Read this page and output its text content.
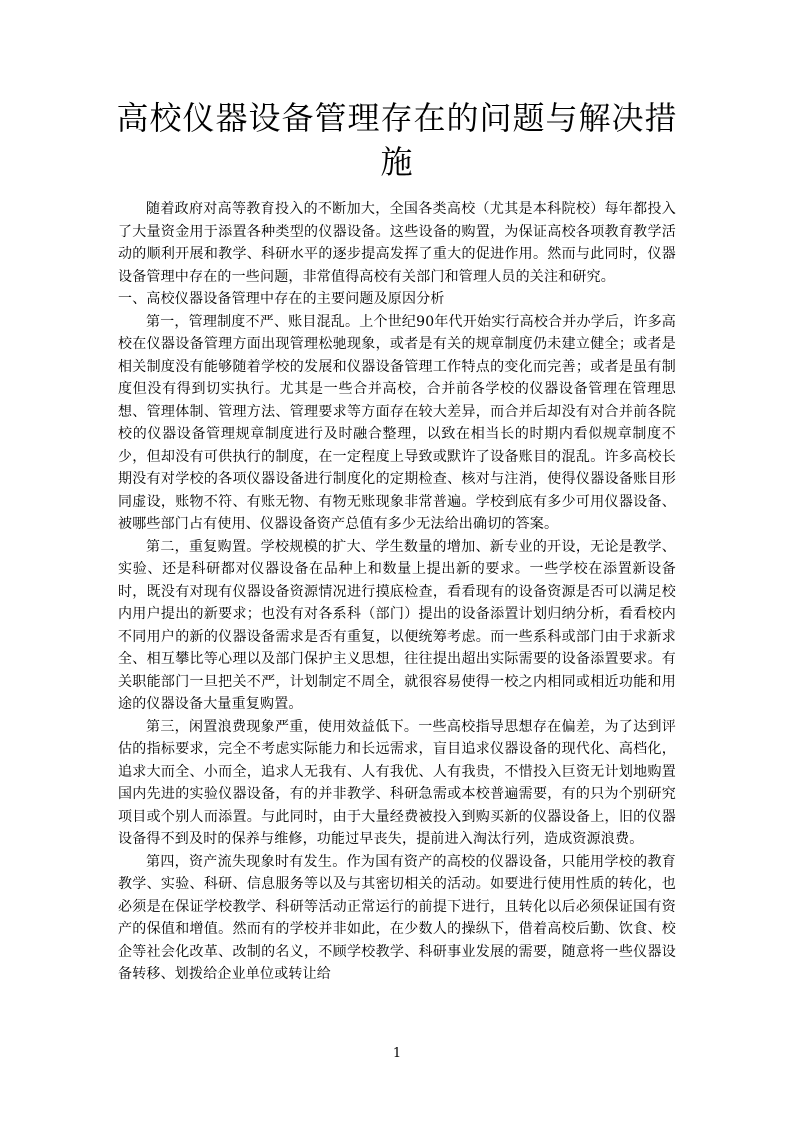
高校仪器设备管理存在的问题与解决措施

随着政府对高等教育投入的不断加大，全国各类高校（尤其是本科院校）每年都投入了大量资金用于添置各种类型的仪器设备。这些设备的购置，为保证高校各项教育教学活动的顺利开展和教学、科研水平的逐步提高发挥了重大的促进作用。然而与此同时，仪器设备管理中存在的一些问题，非常值得高校有关部门和管理人员的关注和研究。

一、高校仪器设备管理中存在的主要问题及原因分析

第一，管理制度不严、账目混乱。上个世纪90年代开始实行高校合并办学后，许多高校在仪器设备管理方面出现管理松驰现象，或者是有关的规章制度仍未建立健全；或者是相关制度没有能够随着学校的发展和仪器设备管理工作特点的变化而完善；或者是虽有制度但没有得到切实执行。尤其是一些合并高校，合并前各学校的仪器设备管理在管理思想、管理体制、管理方法、管理要求等方面存在较大差异，而合并后却没有对合并前各院校的仪器设备管理规章制度进行及时融合整理，以致在相当长的时期内看似规章制度不少，但却没有可供执行的制度，在一定程度上导致或默许了设备账目的混乱。许多高校长期没有对学校的各项仪器设备进行制度化的定期检查、核对与注消，使得仪器设备账目形同虚设，账物不符、有账无物、有物无账现象非常普遍。学校到底有多少可用仪器设备、被哪些部门占有使用、仪器设备资产总值有多少无法给出确切的答案。

第二，重复购置。学校规模的扩大、学生数量的增加、新专业的开设，无论是教学、实验、还是科研都对仪器设备在品种上和数量上提出新的要求。一些学校在添置新设备时，既没有对现有仪器设备资源情况进行摸底检查，看看现有的设备资源是否可以满足校内用户提出的新要求；也没有对各系科（部门）提出的设备添置计划归纳分析，看看校内不同用户的新的仪器设备需求是否有重复，以便统筹考虑。而一些系科或部门由于求新求全、相互攀比等心理以及部门保护主义思想，往往提出超出实际需要的设备添置要求。有关职能部门一旦把关不严，计划制定不周全，就很容易使得一校之内相同或相近功能和用途的仪器设备大量重复购置。

第三，闲置浪费现象严重，使用效益低下。一些高校指导思想存在偏差，为了达到评估的指标要求，完全不考虑实际能力和长远需求，盲目追求仪器设备的现代化、高档化，追求大而全、小而全，追求人无我有、人有我优、人有我贵，不惜投入巨资无计划地购置国内先进的实验仪器设备，有的并非教学、科研急需或本校普遍需要，有的只为个别研究项目或个别人而添置。与此同时，由于大量经费被投入到购买新的仪器设备上，旧的仪器设备得不到及时的保养与维修，功能过早丧失，提前进入淘汰行列，造成资源浪费。

第四，资产流失现象时有发生。作为国有资产的高校的仪器设备，只能用学校的教育教学、实验、科研、信息服务等以及与其密切相关的活动。如要进行使用性质的转化，也必须是在保证学校教学、科研等活动正常运行的前提下进行，且转化以后必须保证国有资产的保值和增值。然而有的学校并非如此，在少数人的操纵下，借着高校后勤、饮食、校企等社会化改革、改制的名义，不顾学校教学、科研事业发展的需要，随意将一些仪器设备转移、划拨给企业单位或转让给

1
